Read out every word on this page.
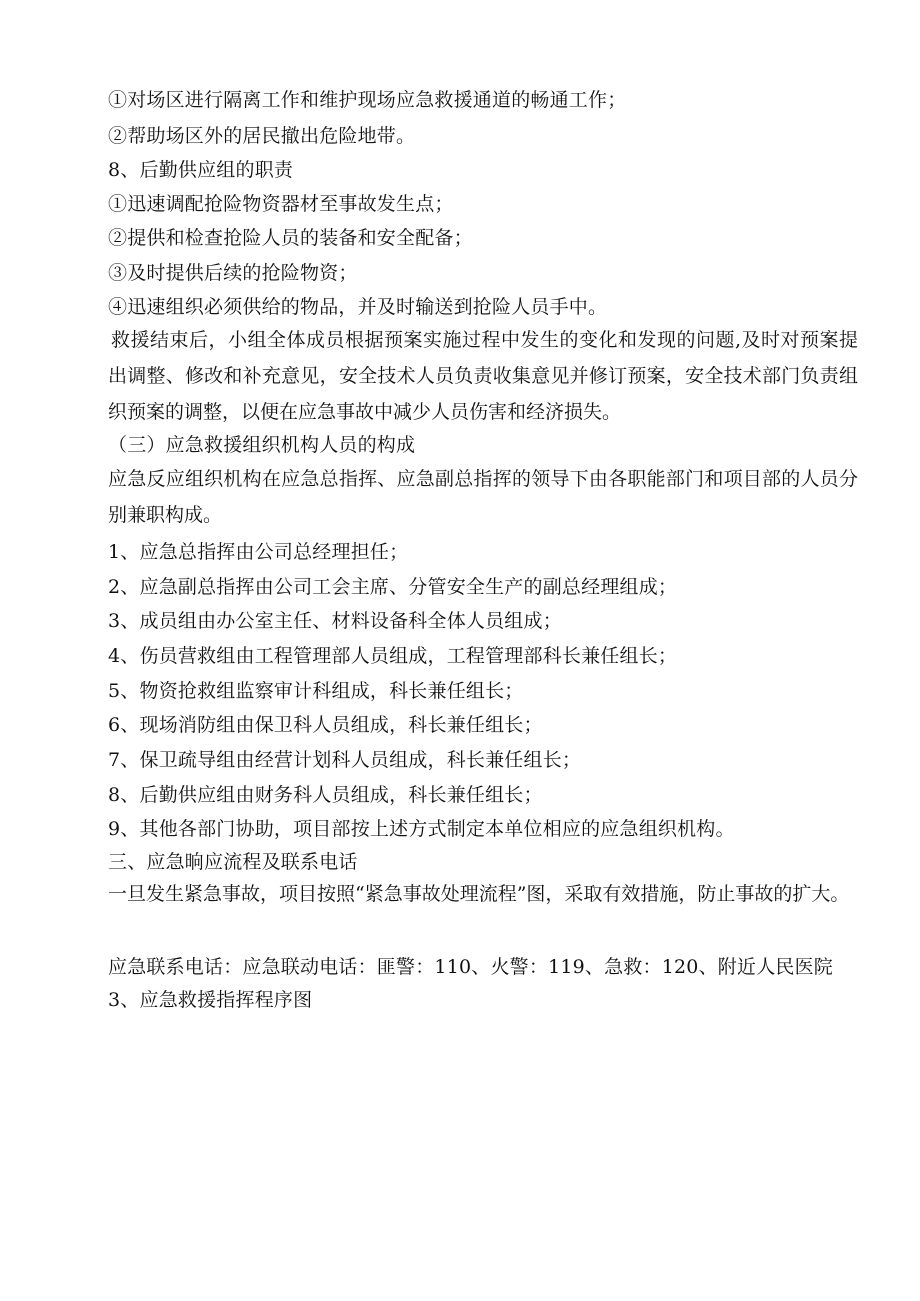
①对场区进行隔离工作和维护现场应急救援通道的畅通工作；
②帮助场区外的居民撤出危险地带。
8、后勤供应组的职责
①迅速调配抢险物资器材至事故发生点；
②提供和检查抢险人员的装备和安全配备；
③及时提供后续的抢险物资；
④迅速组织必须供给的物品，并及时输送到抢险人员手中。
救援结束后，小组全体成员根据预案实施过程中发生的变化和发现的问题,及时对预案提出调整、修改和补充意见，安全技术人员负责收集意见并修订预案，安全技术部门负责组织预案的调整，以便在应急事故中减少人员伤害和经济损失。
（三）应急救援组织机构人员的构成
应急反应组织机构在应急总指挥、应急副总指挥的领导下由各职能部门和项目部的人员分别兼职构成。
1、应急总指挥由公司总经理担任；
2、应急副总指挥由公司工会主席、分管安全生产的副总经理组成；
3、成员组由办公室主任、材料设备科全体人员组成；
4、伤员营救组由工程管理部人员组成，工程管理部科长兼任组长；
5、物资抢救组监察审计科组成，科长兼任组长；
6、现场消防组由保卫科人员组成，科长兼任组长；
7、保卫疏导组由经营计划科人员组成，科长兼任组长；
8、后勤供应组由财务科人员组成，科长兼任组长；
9、其他各部门协助，项目部按上述方式制定本单位相应的应急组织机构。
三、应急晌应流程及联系电话
一旦发生紧急事故，项目按照“紧急事故处理流程”图，采取有效措施，防止事故的扩大。
应急联系电话：应急联动电话：匪警：110、火警：119、急救：120、附近人民医院
3、应急救援指挥程序图
